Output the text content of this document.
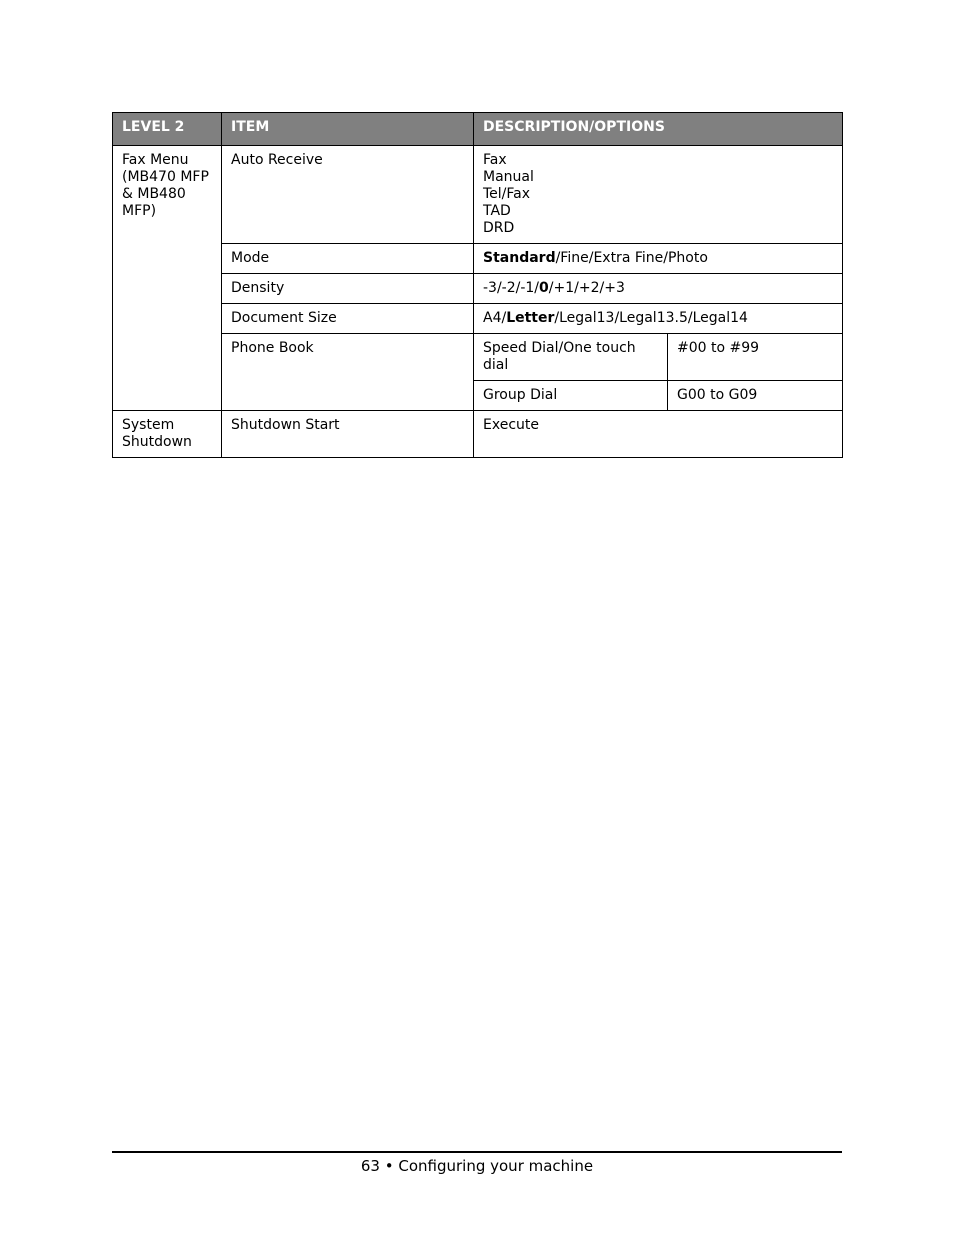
LEVEL 2	ITEM	DESCRIPTION/OPTIONS	
Fax Menu (MB470 MFP & MB480 MFP)	Auto Receive	Fax
Manual
Tel/Fax
TAD
DRD	

	Mode	Standard/Fine/Extra Fine/Photo	
	Density	-3/-2/-1/0/+1/+2/+3	
	Document Size	A4/Letter/Legal13/Legal13.5/Legal14	
	Phone Book	Speed Dial/One touch dial	#00 to #99
		Group Dial	G00 to G09
System Shutdown	Shutdown Start	Execute	
63 • Configuring your machine
